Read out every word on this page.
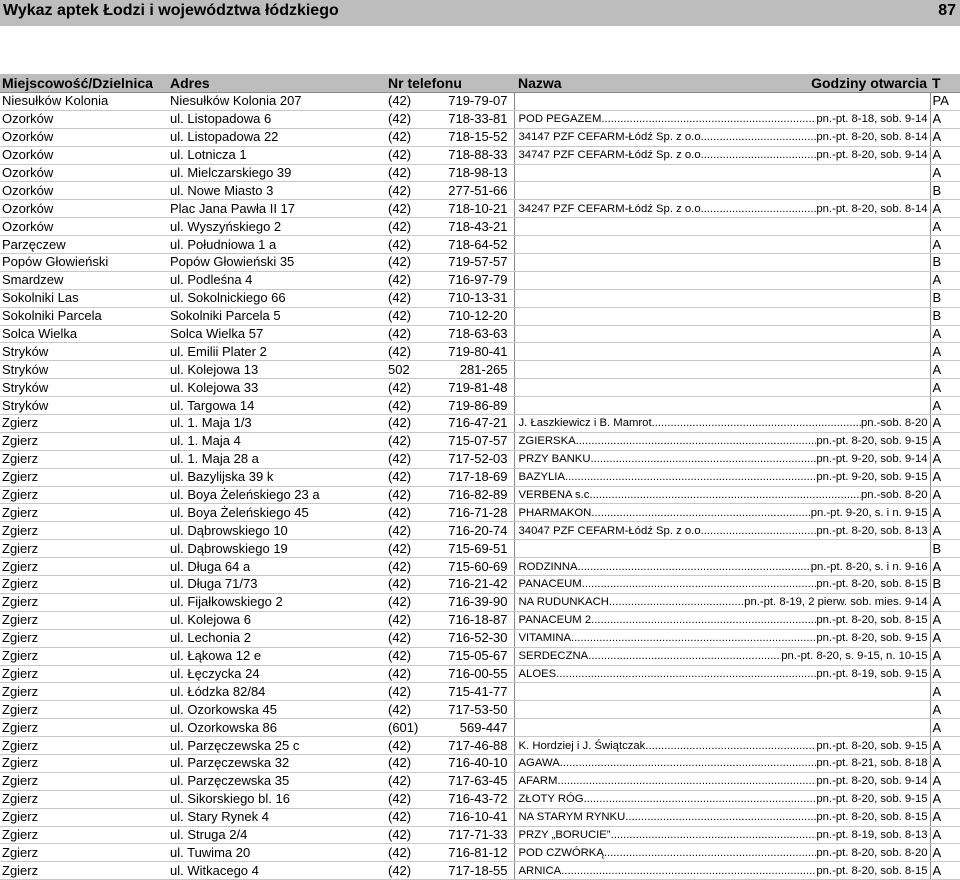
Wykaz aptek Łodzi i województwa łódzkiego	87
Miejscowość/Dzielnica	Adres	Nr telefonu		Nazwa Godziny otwarcia	T
Niesułków Kolonia	Niesułków Kolonia 207	(42)	719-79-07		PA
Ozorków	ul. Listopadowa 6	(42)	718-33-81	POD PEGAZEM ..... pn.-pt. 8-18, sob. 9-14	A
Ozorków	ul. Listopadowa 22	(42)	718-15-52	34147 PZF CEFARM-Łódź Sp. z o.o. ..... pn.-pt. 8-20, sob. 8-14	A
Ozorków	ul. Lotnicza 1	(42)	718-88-33	34747 PZF CEFARM-Łódź Sp. z o.o. ..... pn.-pt. 8-20, sob. 9-14	A
Ozorków	ul. Mielczarskiego 39	(42)	718-98-13		A
Ozorków	ul. Nowe Miasto 3	(42)	277-51-66		B
Ozorków	Plac Jana Pawła II 17	(42)	718-10-21	34247 PZF CEFARM-Łódź Sp. z o.o. ..... pn.-pt. 8-20, sob. 8-14	A
Ozorków	ul. Wyszyńskiego 2	(42)	718-43-21		A
Parzęczew	ul. Południowa 1 a	(42)	718-64-52		A
Popów Głowieński	Popów Głowieński 35	(42)	719-57-57		B
Smardzew	ul. Podleśna 4	(42)	716-97-79		A
Sokolniki Las	ul. Sokolnickiego 66	(42)	710-13-31		B
Sokolniki Parcela	Sokolniki Parcela 5	(42)	710-12-20		B
Solca Wielka	Solca Wielka 57	(42)	718-63-63		A
Stryków	ul. Emilii Plater 2	(42)	719-80-41		A
Stryków	ul. Kolejowa 13	502	281-265		A
Stryków	ul. Kolejowa 33	(42)	719-81-48		A
Stryków	ul. Targowa 14	(42)	719-86-89		A
Zgierz	ul. 1. Maja 1/3	(42)	716-47-21	J. Łaszkiewicz i B. Mamrot ..... pn.-sob. 8-20	A
Zgierz	ul. 1. Maja 4	(42)	715-07-57	ZGIERSKA ..... pn.-pt. 8-20, sob. 9-15	A
Zgierz	ul. 1. Maja 28 a	(42)	717-52-03	PRZY BANKU ..... pn.-pt. 9-20, sob. 9-14	A
Zgierz	ul. Bazylijska 39 k	(42)	717-18-69	BAZYLIA ..... pn.-pt. 9-20, sob. 9-15	A
Zgierz	ul. Boya Żeleńskiego 23 a	(42)	716-82-89	VERBENA s.c. ..... pn.-sob. 8-20	A
Zgierz	ul. Boya Żeleńskiego 45	(42)	716-71-28	PHARMAKON ..... pn.-pt. 9-20, s. i n. 9-15	A
Zgierz	ul. Dąbrowskiego 10	(42)	716-20-74	34047 PZF CEFARM-Łódź Sp. z o.o. ..... pn.-pt. 8-20, sob. 8-13	A
Zgierz	ul. Dąbrowskiego 19	(42)	715-69-51		B
Zgierz	ul. Długa 64 a	(42)	715-60-69	RODZINNA ..... pn.-pt. 8-20, s. i n. 9-16	A
Zgierz	ul. Długa 71/73	(42)	716-21-42	PANACEUM ..... pn.-pt. 8-20, sob. 8-15	B
Zgierz	ul. Fijałkowskiego 2	(42)	716-39-90	NA RUDUNKACH ..... pn.-pt. 8-19, 2 pierw. sob. mies. 9-14	A
Zgierz	ul. Kolejowa 6	(42)	716-18-87	PANACEUM 2 ..... pn.-pt. 8-20, sob. 8-15	A
Zgierz	ul. Lechonia 2	(42)	716-52-30	VITAMINA ..... pn.-pt. 8-20, sob. 9-15	A
Zgierz	ul. Łąkowa 12 e	(42)	715-05-67	SERDECZNA ..... pn.-pt. 8-20, s. 9-15, n. 10-15	A
Zgierz	ul. Łęczycka 24	(42)	716-00-55	ALOES ..... pn.-pt. 8-19, sob. 9-15	A
Zgierz	ul. Łódzka 82/84	(42)	715-41-77		A
Zgierz	ul. Ozorkowska 45	(42)	717-53-50		A
Zgierz	ul. Ozorkowska 86	(601)	569-447		A
Zgierz	ul. Parzęczewska 25 c	(42)	717-46-88	K. Hordziej i J. Świątczak ..... pn.-pt. 8-20, sob. 9-15	A
Zgierz	ul. Parzęczewska 32	(42)	716-40-10	AGAWA ..... pn.-pt. 8-21, sob. 8-18	A
Zgierz	ul. Parzęczewska 35	(42)	717-63-45	AFARM ..... pn.-pt. 8-20, sob. 9-14	A
Zgierz	ul. Sikorskiego bl. 16	(42)	716-43-72	ZŁOTY RÓG ..... pn.-pt. 8-20, sob. 9-15	A
Zgierz	ul. Stary Rynek 4	(42)	716-10-41	NA STARYM RYNKU ..... pn.-pt. 8-20, sob. 8-15	A
Zgierz	ul. Struga 2/4	(42)	717-71-33	PRZY „BORUCIE” ..... pn.-pt. 8-19, sob. 8-13	A
Zgierz	ul. Tuwima 20	(42)	716-81-12	POD CZWÓRKĄ ..... pn.-pt. 8-20, sob. 8-20	A
Zgierz	ul. Witkacego 4	(42)	717-18-55	ARNICA ..... pn.-pt. 8-20, sob. 8-15	A
